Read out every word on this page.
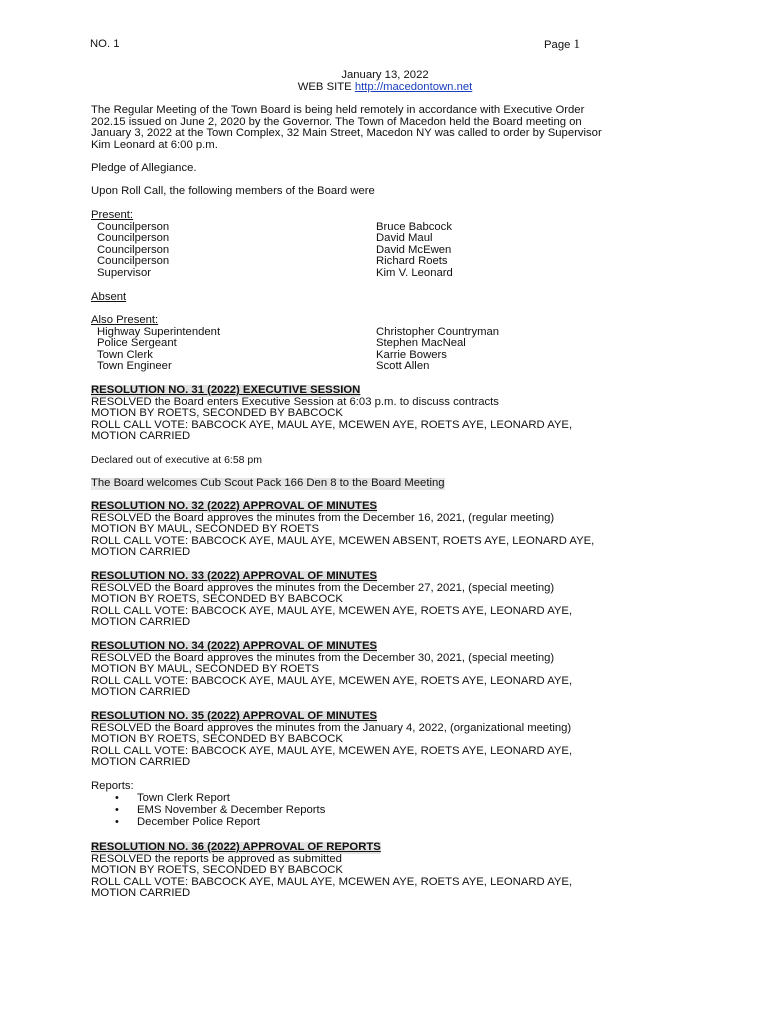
NO. 1	Page 1
January 13, 2022
WEB SITE http://macedontown.net
The Regular Meeting of the Town Board is being held remotely in accordance with Executive Order
202.15 issued on June 2, 2020 by the Governor. The Town of Macedon held the Board meeting on
January 3, 2022 at the Town Complex, 32 Main Street, Macedon NY was called to order by Supervisor
Kim Leonard at 6:00 p.m.
Pledge of Allegiance.
Upon Roll Call, the following members of the Board were
Present:
Councilperson	Bruce Babcock
Councilperson	David Maul
Councilperson	David McEwen
Councilperson	Richard Roets
Supervisor	Kim V. Leonard
Absent
Also Present:
Highway Superintendent	Christopher Countryman
Police Sergeant	Stephen MacNeal
Town Clerk	Karrie Bowers
Town Engineer	Scott Allen
RESOLUTION NO. 31 (2022) EXECUTIVE SESSION
RESOLVED the Board enters Executive Session at 6:03 p.m. to discuss contracts
MOTION BY ROETS, SECONDED BY BABCOCK
ROLL CALL VOTE: BABCOCK AYE, MAUL AYE, MCEWEN AYE, ROETS AYE, LEONARD AYE,
MOTION CARRIED
Declared out of executive at 6:58 pm
The Board welcomes Cub Scout Pack 166 Den 8 to the Board Meeting
RESOLUTION NO. 32 (2022) APPROVAL OF MINUTES
RESOLVED the Board approves the minutes from the December 16, 2021, (regular meeting)
MOTION BY MAUL, SECONDED BY ROETS
ROLL CALL VOTE: BABCOCK AYE, MAUL AYE, MCEWEN ABSENT, ROETS AYE, LEONARD AYE,
MOTION CARRIED
RESOLUTION NO. 33 (2022) APPROVAL OF MINUTES
RESOLVED the Board approves the minutes from the December 27, 2021, (special meeting)
MOTION BY ROETS, SECONDED BY BABCOCK
ROLL CALL VOTE: BABCOCK AYE, MAUL AYE, MCEWEN AYE, ROETS AYE, LEONARD AYE,
MOTION CARRIED
RESOLUTION NO. 34 (2022) APPROVAL OF MINUTES
RESOLVED the Board approves the minutes from the December 30, 2021, (special meeting)
MOTION BY MAUL, SECONDED BY ROETS
ROLL CALL VOTE: BABCOCK AYE, MAUL AYE, MCEWEN AYE, ROETS AYE, LEONARD AYE,
MOTION CARRIED
RESOLUTION NO. 35 (2022) APPROVAL OF MINUTES
RESOLVED the Board approves the minutes from the January 4, 2022, (organizational meeting)
MOTION BY ROETS, SECONDED BY BABCOCK
ROLL CALL VOTE: BABCOCK AYE, MAUL AYE, MCEWEN AYE, ROETS AYE, LEONARD AYE,
MOTION CARRIED
Reports:
• Town Clerk Report
• EMS November & December Reports
• December Police Report
RESOLUTION NO. 36 (2022) APPROVAL OF REPORTS
RESOLVED the reports be approved as submitted
MOTION BY ROETS, SECONDED BY BABCOCK
ROLL CALL VOTE: BABCOCK AYE, MAUL AYE, MCEWEN AYE, ROETS AYE, LEONARD AYE,
MOTION CARRIED
